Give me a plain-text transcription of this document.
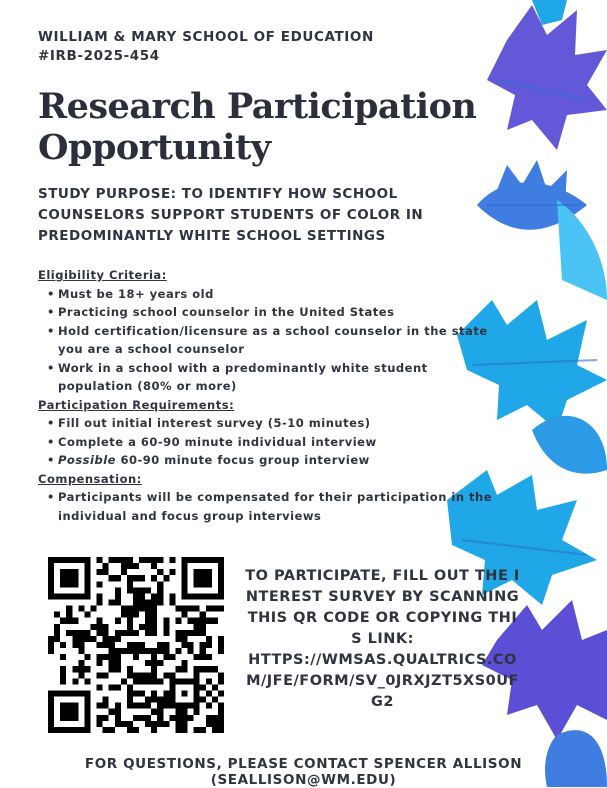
WILLIAM & MARY SCHOOL OF EDUCATION
#IRB-2025-454
Research Participation
Opportunity
STUDY PURPOSE: TO IDENTIFY HOW SCHOOL COUNSELORS SUPPORT STUDENTS OF COLOR IN PREDOMINANTLY WHITE SCHOOL SETTINGS
Eligibility Criteria:
• Must be 18+ years old
• Practicing school counselor in the United States
• Hold certification/licensure as a school counselor in the state you are a school counselor
• Work in a school with a predominantly white student population (80% or more)
Participation Requirements:
• Fill out initial interest survey (5-10 minutes)
• Complete a 60-90 minute individual interview
• Possible 60-90 minute focus group interview
Compensation:
• Participants will be compensated for their participation in the individual and focus group interviews
TO PARTICIPATE, FILL OUT THE INTEREST SURVEY BY SCANNING THIS QR CODE OR COPYING THIS LINK:
HTTPS://WMSAS.QUALTRICS.COM/JFE/FORM/SV_0JRXJZT5XS0UFG2
FOR QUESTIONS, PLEASE CONTACT SPENCER ALLISON (SEALLISON@WM.EDU)
